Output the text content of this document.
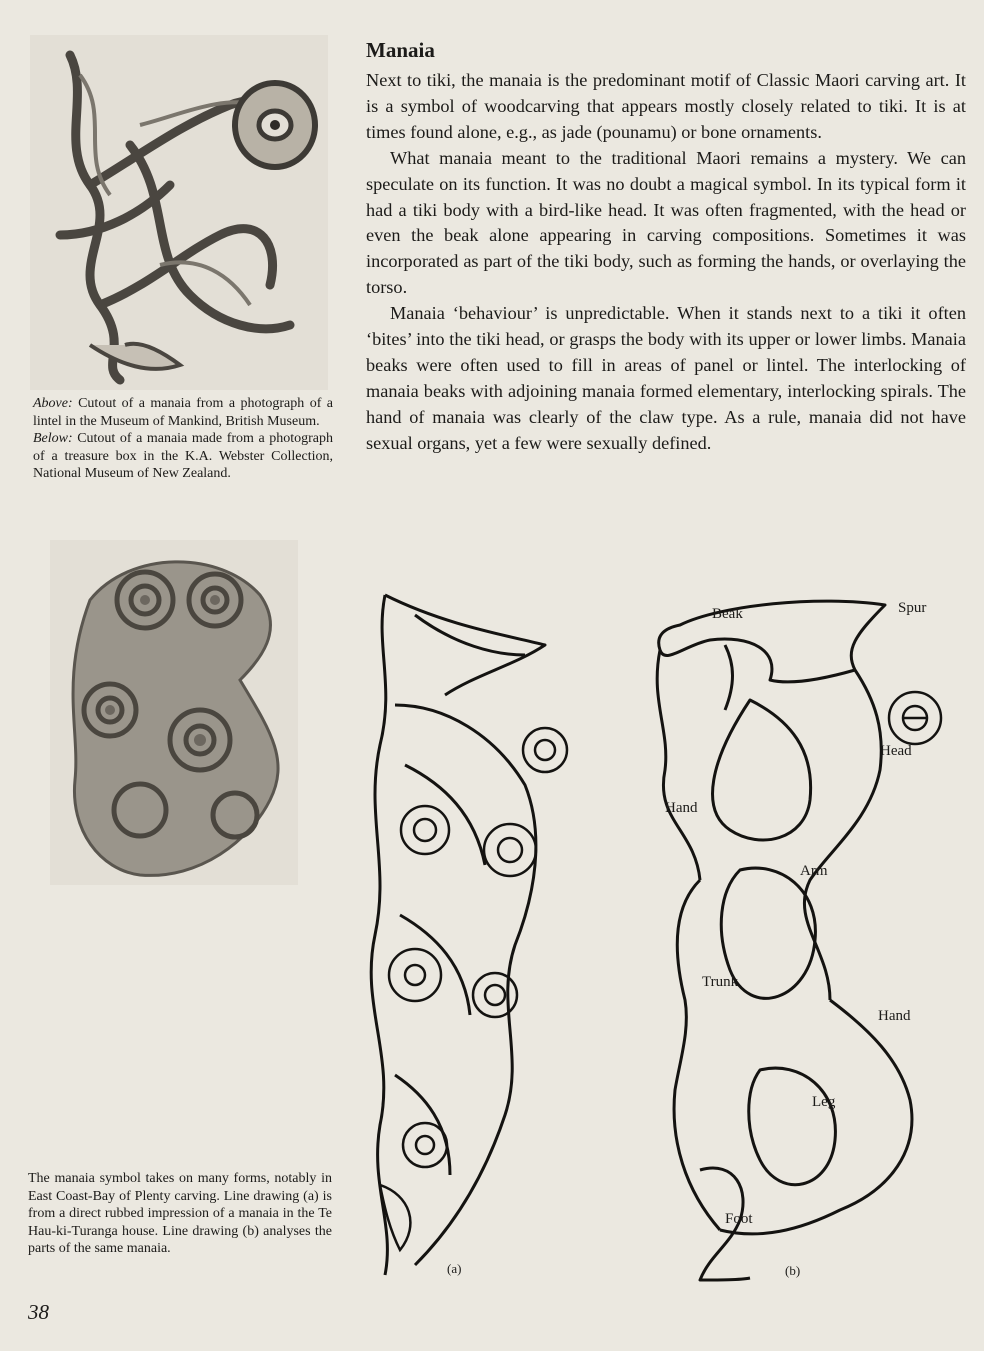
Above: Cutout of a manaia from a photograph of a lintel in the Museum of Mankind, British Museum.

Below: Cutout of a manaia made from a photograph of a treasure box in the K.A. Webster Collection, National Museum of New Zealand.

The manaia symbol takes on many forms, notably in East Coast-Bay of Plenty carving. Line drawing (a) is from a direct rubbed impression of a manaia in the Te Hau-ki-Turanga house. Line drawing (b) analyses the parts of the same manaia.
Manaia

Next to tiki, the manaia is the predominant motif of Classic Maori carving art. It is a symbol of woodcarving that appears mostly closely related to tiki. It is at times found alone, e.g., as jade (pounamu) or bone ornaments.

What manaia meant to the traditional Maori remains a mystery. We can speculate on its function. It was no doubt a magical symbol. In its typical form it had a tiki body with a bird-like head. It was often fragmented, with the head or even the beak alone appearing in carving compositions. Sometimes it was incorporated as part of the tiki body, such as forming the hands, or overlaying the torso.

Manaia ‘behaviour’ is unpredictable. When it stands next to a tiki it often ‘bites’ into the tiki head, or grasps the body with its upper or lower limbs. Manaia beaks were often used to fill in areas of panel or lintel. The interlocking of manaia beaks with adjoining manaia formed elementary, interlocking spirals. The hand of manaia was clearly of the claw type. As a rule, manaia did not have sexual organs, yet a few were sexually defined.

(a)
Beak	Spur
Head
Hand
Arm
Trunk
Hand
Leg
Foot
(b)
38
